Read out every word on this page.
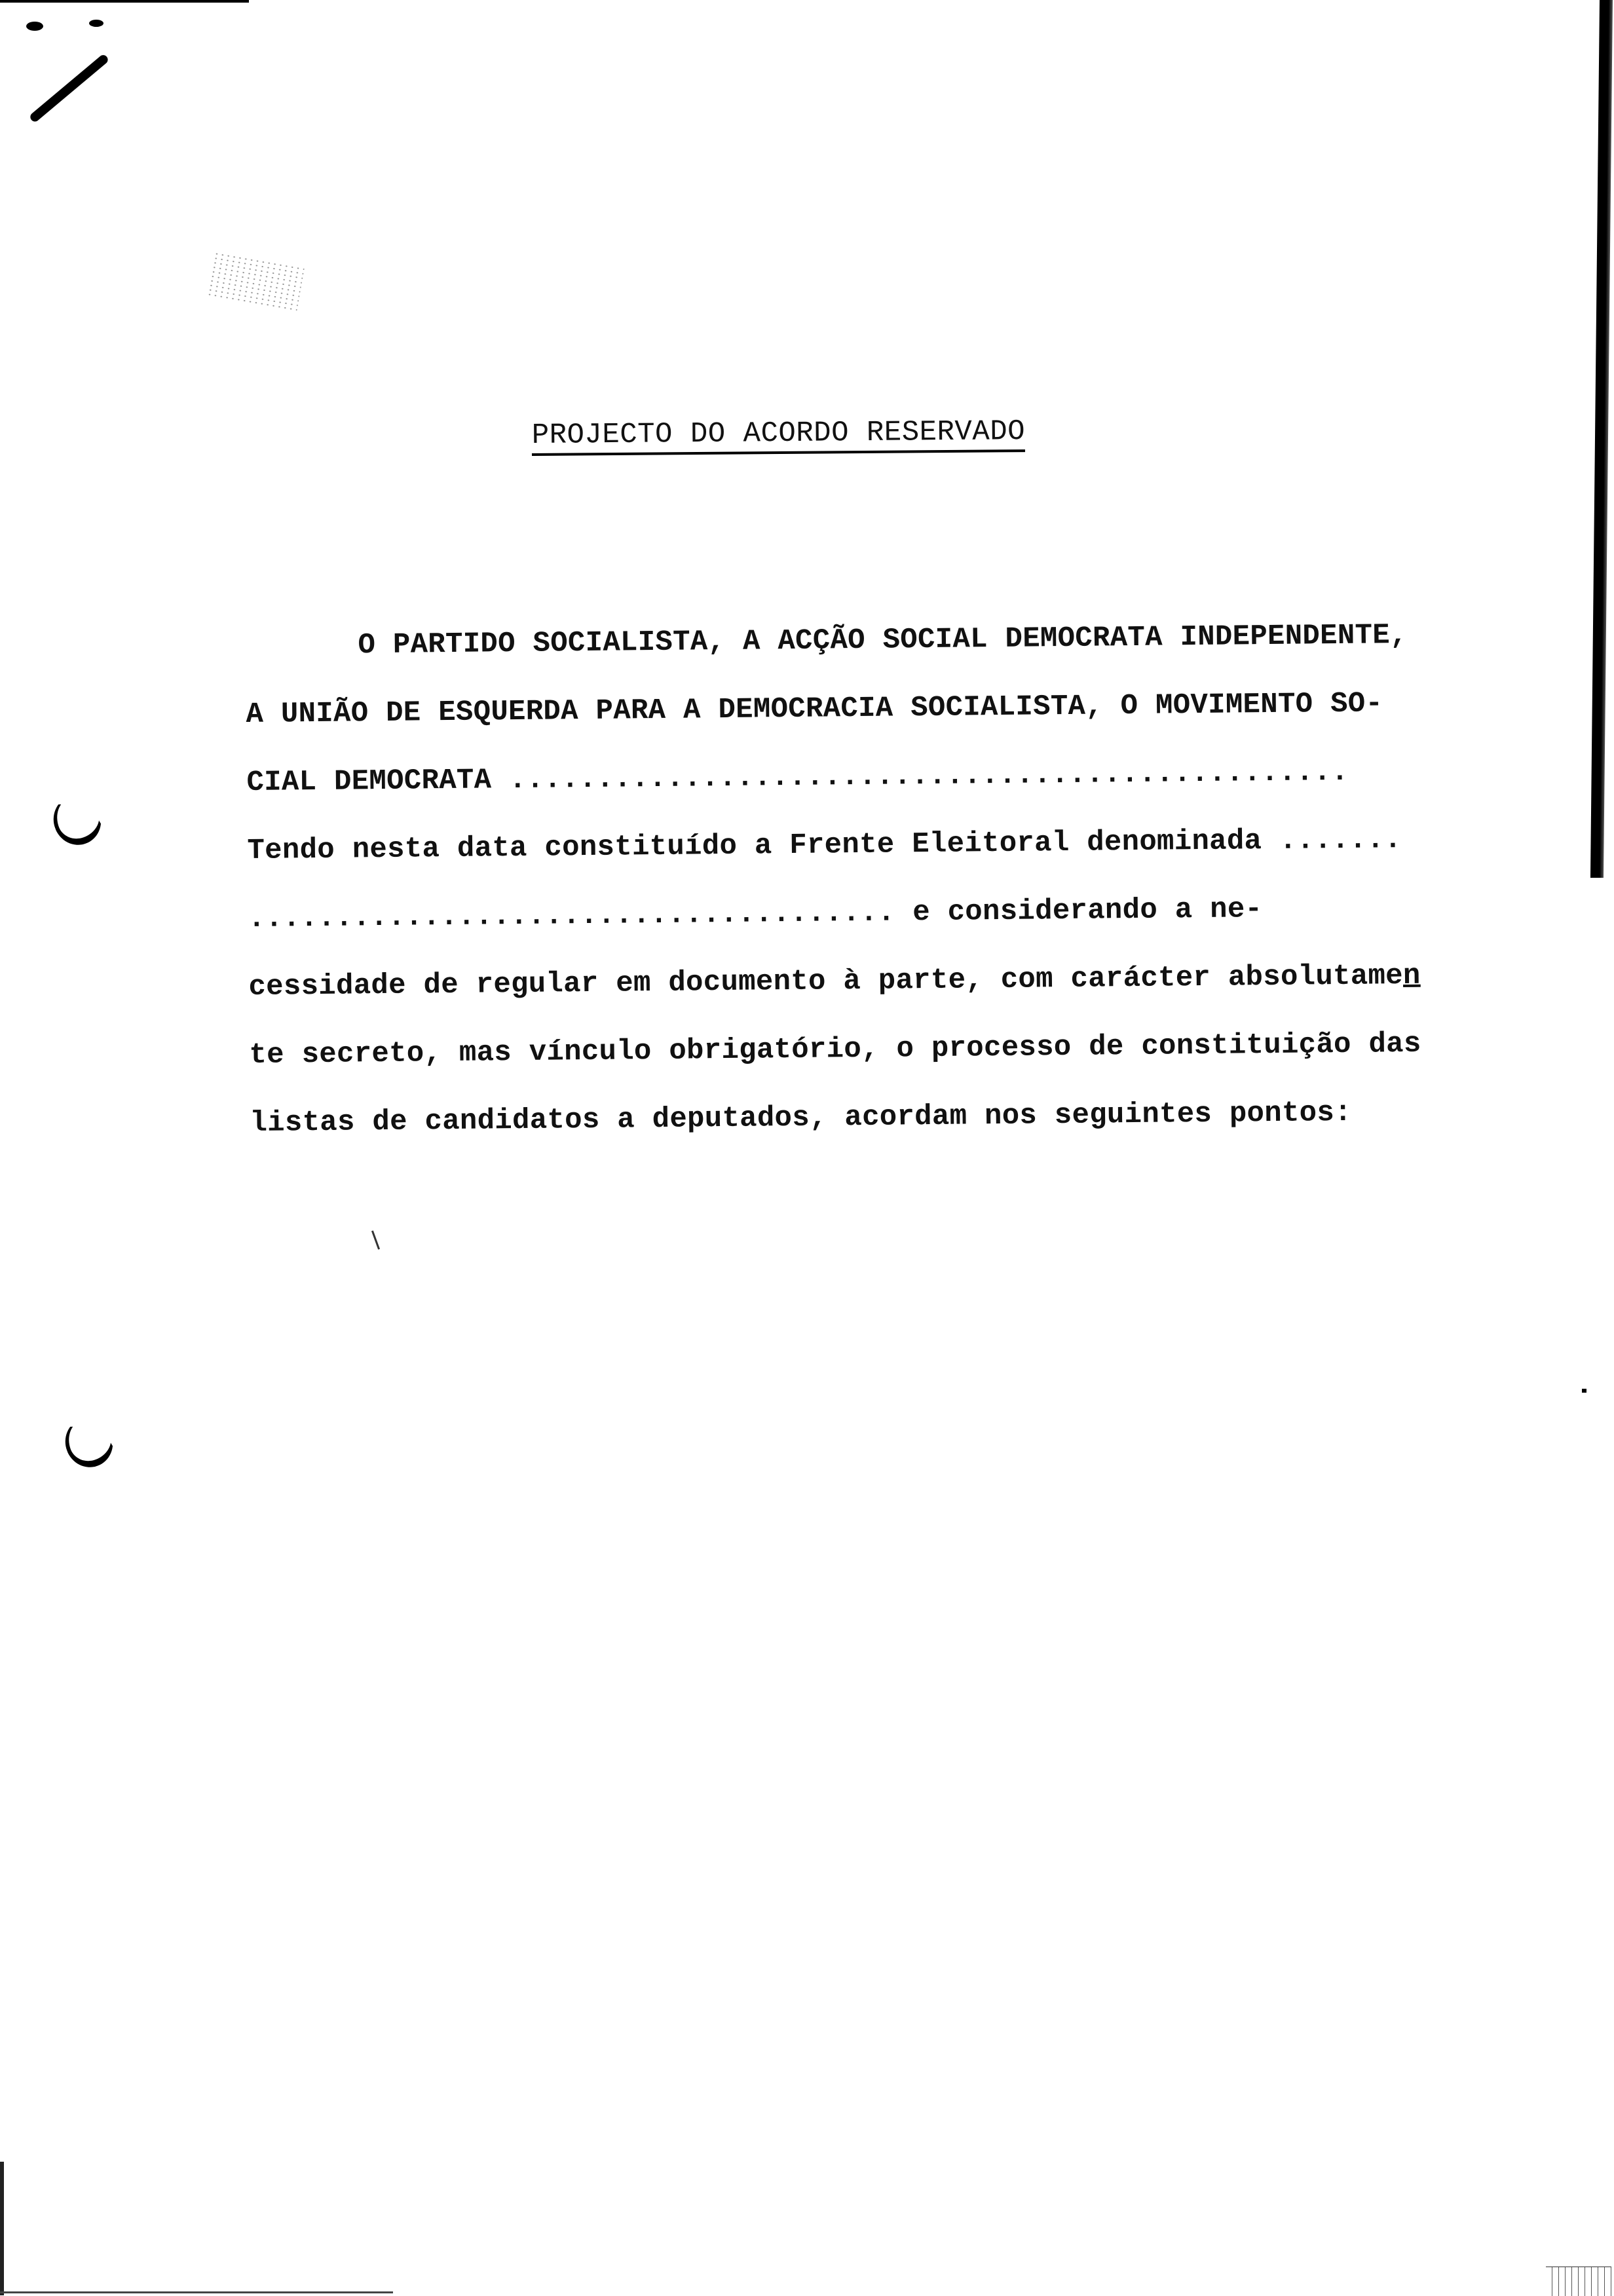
PROJECTO DO ACORDO RESERVADO
O PARTIDO SOCIALISTA, A ACÇÃO SOCIAL DEMOCRATA INDEPENDENTE,
A UNIÃO DE ESQUERDA PARA A DEMOCRACIA SOCIALISTA, O MOVIMENTO SO-
CIAL DEMOCRATA ................................................
Tendo nesta data constituído a Frente Eleitoral denominada .......
..................................... e considerando a ne-
cessidade de regular em documento à parte, com carácter absolutamen
te secreto, mas vínculo obrigatório, o processo de constituição das
listas de candidatos a deputados, acordam nos seguintes pontos:
